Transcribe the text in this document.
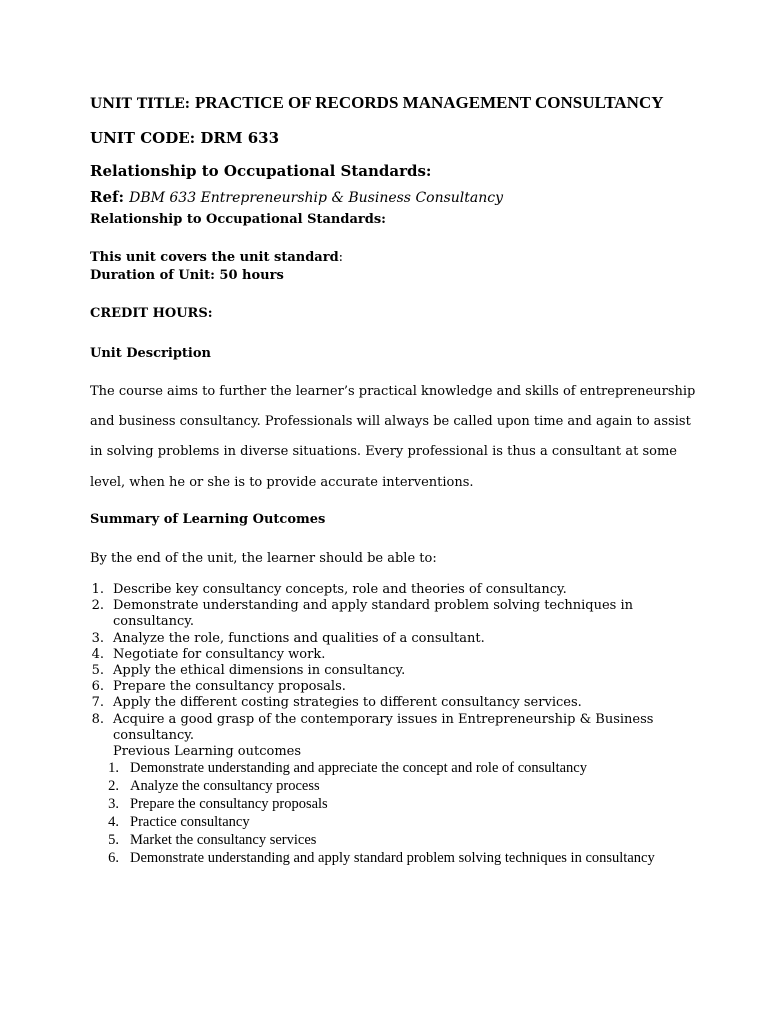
UNIT TITLE: PRACTICE OF RECORDS MANAGEMENT CONSULTANCY
UNIT CODE: DRM 633
Relationship to Occupational Standards:
Ref: DBM 633 Entrepreneurship & Business Consultancy
Relationship to Occupational Standards:
This unit covers the unit standard:
Duration of Unit: 50 hours
CREDIT HOURS:
Unit Description
The course aims to further the learner’s practical knowledge and skills of entrepreneurship
and business consultancy. Professionals will always be called upon time and again to assist
in solving problems in diverse situations. Every professional is thus a consultant at some
level, when he or she is to provide accurate interventions.
Summary of Learning Outcomes
By the end of the unit, the learner should be able to:
1. Describe key consultancy concepts, role and theories of consultancy.
2. Demonstrate understanding and apply standard problem solving techniques in
consultancy.
3. Analyze the role, functions and qualities of a consultant.
4. Negotiate for consultancy work.
5. Apply the ethical dimensions in consultancy.
6. Prepare the consultancy proposals.
7. Apply the different costing strategies to different consultancy services.
8. Acquire a good grasp of the contemporary issues in Entrepreneurship & Business
consultancy.
Previous Learning outcomes
1. Demonstrate understanding and appreciate the concept and role of consultancy
2. Analyze the consultancy process
3. Prepare the consultancy proposals
4. Practice consultancy
5. Market the consultancy services
6. Demonstrate understanding and apply standard problem solving techniques in consultancy
